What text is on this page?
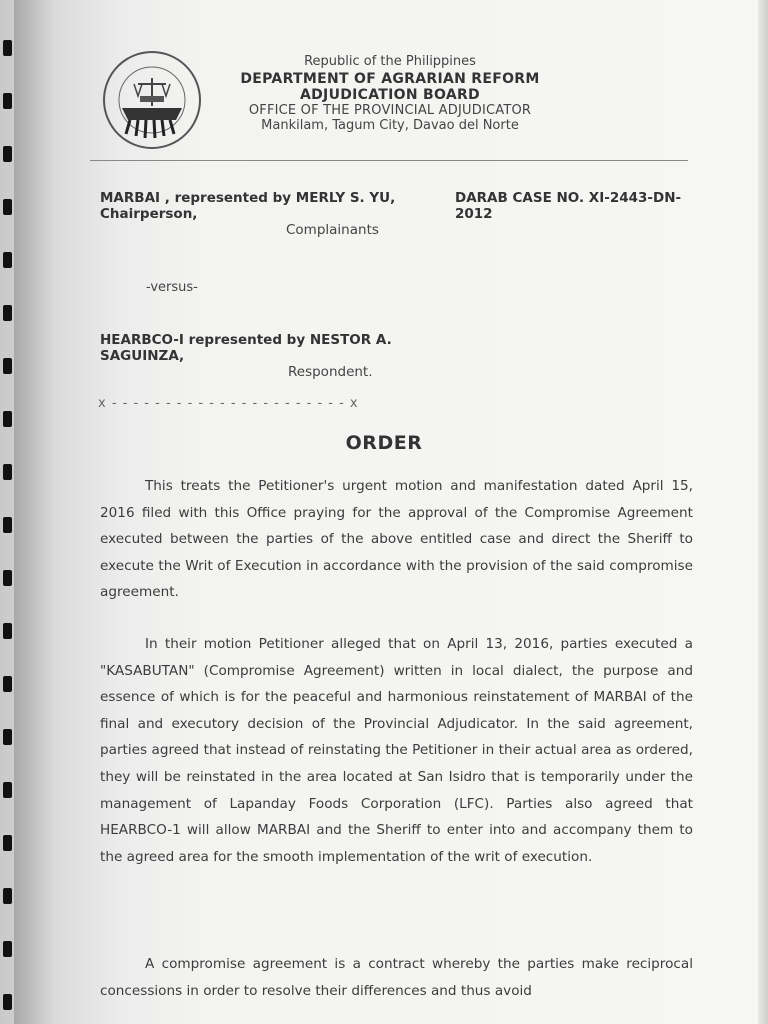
Republic of the Philippines
DEPARTMENT OF AGRARIAN REFORM
ADJUDICATION BOARD
OFFICE OF THE PROVINCIAL ADJUDICATOR
Mankilam, Tagum City, Davao del Norte
MARBAI , represented by MERLY S. YU, Chairperson,
Complainants
DARAB CASE NO. XI-2443-DN-2012
-versus-
HEARBCO-I represented by NESTOR A. SAGUINZA,
Respondent.
x - - - - - - - - - - - - - - - - - - - - - - x
ORDER
This treats the Petitioner's urgent motion and manifestation dated April 15, 2016 filed with this Office praying for the approval of the Compromise Agreement executed between the parties of the above entitled case and direct the Sheriff to execute the Writ of Execution in accordance with the provision of the said compromise agreement.
In their motion Petitioner alleged that on April 13, 2016, parties executed a "KASABUTAN" (Compromise Agreement) written in local dialect, the purpose and essence of which is for the peaceful and harmonious reinstatement of MARBAI of the final and executory decision of the Provincial Adjudicator. In the said agreement, parties agreed that instead of reinstating the Petitioner in their actual area as ordered, they will be reinstated in the area located at San Isidro that is temporarily under the management of Lapanday Foods Corporation (LFC). Parties also agreed that HEARBCO-1 will allow MARBAI and the Sheriff to enter into and accompany them to the agreed area for the smooth implementation of the writ of execution.
A compromise agreement is a contract whereby the parties make reciprocal concessions in order to resolve their differences and thus avoid
